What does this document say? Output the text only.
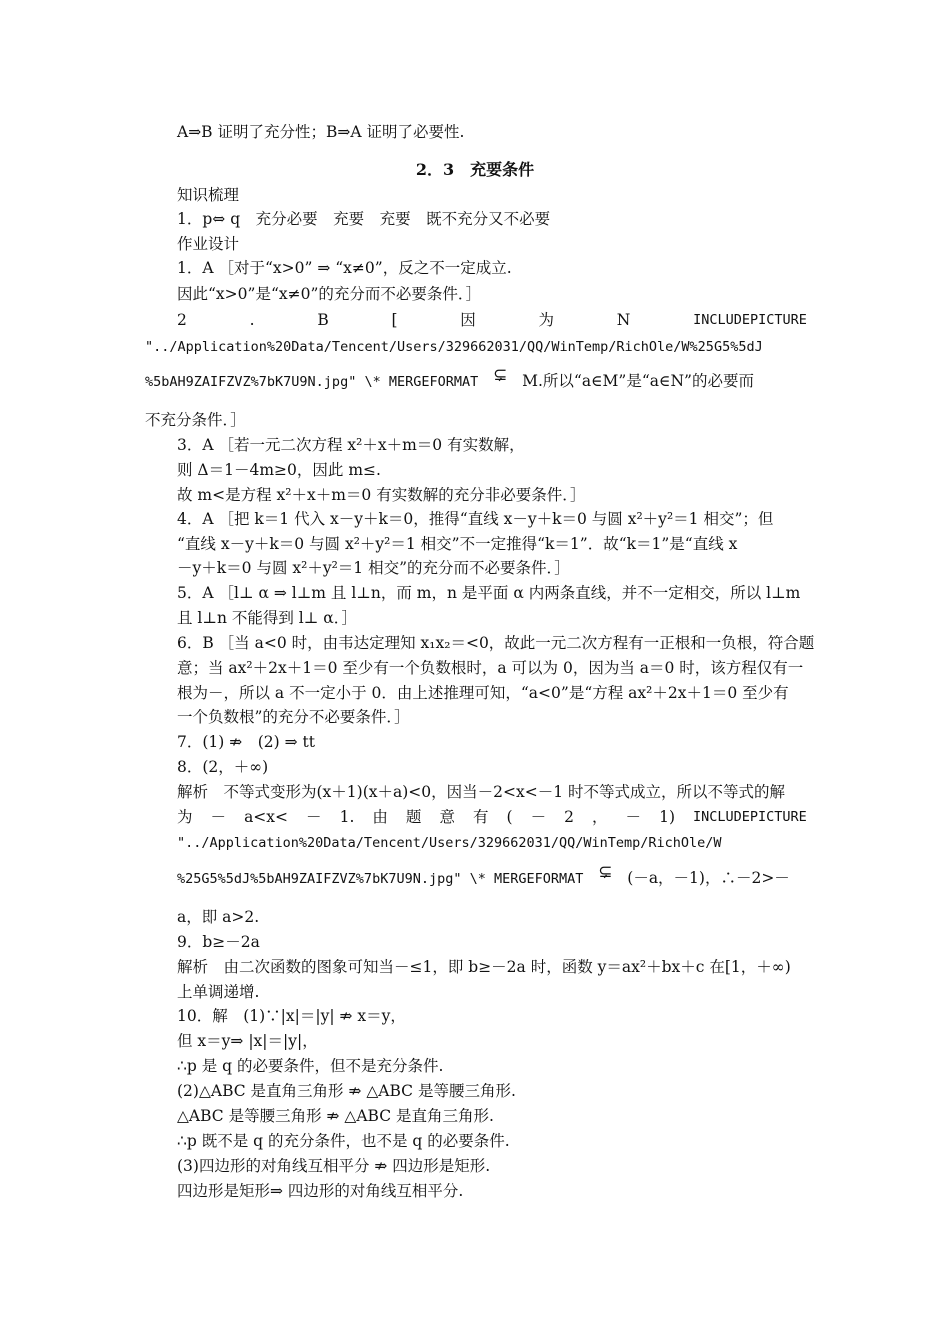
A⇒B 证明了充分性；B⇒A 证明了必要性.
2．3　充要条件
知识梳理
1．p⇔ q　充分必要　充要　充要　既不充分又不必要
作业设计
1．A ［对于“x>0” ⇒ “x≠0”，反之不一定成立.
因此“x>0”是“x≠0”的充分而不必要条件．］
2	.	B	[	因	为	N	INCLUDEPICTURE
"../Application%20Data/Tencent/Users/329662031/QQ/WinTemp/RichOle/W%25G5%5dJ
%5bAH9ZAIFZVZ%7bK7U9N.jpg" \* MERGEFORMAT ⊊ M.所以“a∈M”是“a∈N”的必要而
不充分条件．］
3．A ［若一元二次方程 x²＋x＋m＝0 有实数解，
则 Δ＝1－4m≥0，因此 m≤.
故 m<是方程 x²＋x＋m＝0 有实数解的充分非必要条件．］
4．A ［把 k＝1 代入 x－y＋k＝0，推得“直线 x－y＋k＝0 与圆 x²＋y²＝1 相交”；但
“直线 x－y＋k＝0 与圆 x²＋y²＝1 相交”不一定推得“k＝1”．故“k＝1”是“直线 x
－y＋k＝0 与圆 x²＋y²＝1 相交”的充分而不必要条件．］
5．A ［l⊥ α ⇒ l⊥m 且 l⊥n，而 m，n 是平面 α 内两条直线，并不一定相交，所以 l⊥m
且 l⊥n 不能得到 l⊥ α．］
6．B ［当 a<0 时，由韦达定理知 x₁x₂＝<0，故此一元二次方程有一正根和一负根，符合题
意；当 ax²＋2x＋1＝0 至少有一个负数根时，a 可以为 0，因为当 a＝0 时，该方程仅有一
根为－，所以 a 不一定小于 0．由上述推理可知，“a<0”是“方程 ax²＋2x＋1＝0 至少有
一个负数根”的充分不必要条件．］
7．(1) ⇏　(2) ⇒ tt
8．(2，＋∞)
解析　不等式变形为(x＋1)(x＋a)<0，因当－2<x<－1 时不等式成立，所以不等式的解
为 － a<x< － 1. 由 题 意 有 ( － 2 ， － 1) INCLUDEPICTURE
"../Application%20Data/Tencent/Users/329662031/QQ/WinTemp/RichOle/W
%25G5%5dJ%5bAH9ZAIFZVZ%7bK7U9N.jpg" \* MERGEFORMAT ⊊ (－a，－1)，∴－2>－
a，即 a>2.
9．b≥－2a
解析　由二次函数的图象可知当－≤1，即 b≥－2a 时，函数 y＝ax²＋bx＋c 在[1，＋∞)
上单调递增.
10．解　(1)∵|x|＝|y| ⇏ x＝y，
但 x＝y⇒ |x|＝|y|，
∴p 是 q 的必要条件，但不是充分条件.
(2)△ABC 是直角三角形 ⇏ △ABC 是等腰三角形.
△ABC 是等腰三角形 ⇏ △ABC 是直角三角形.
∴p 既不是 q 的充分条件，也不是 q 的必要条件.
(3)四边形的对角线互相平分 ⇏ 四边形是矩形.
四边形是矩形⇒ 四边形的对角线互相平分.
